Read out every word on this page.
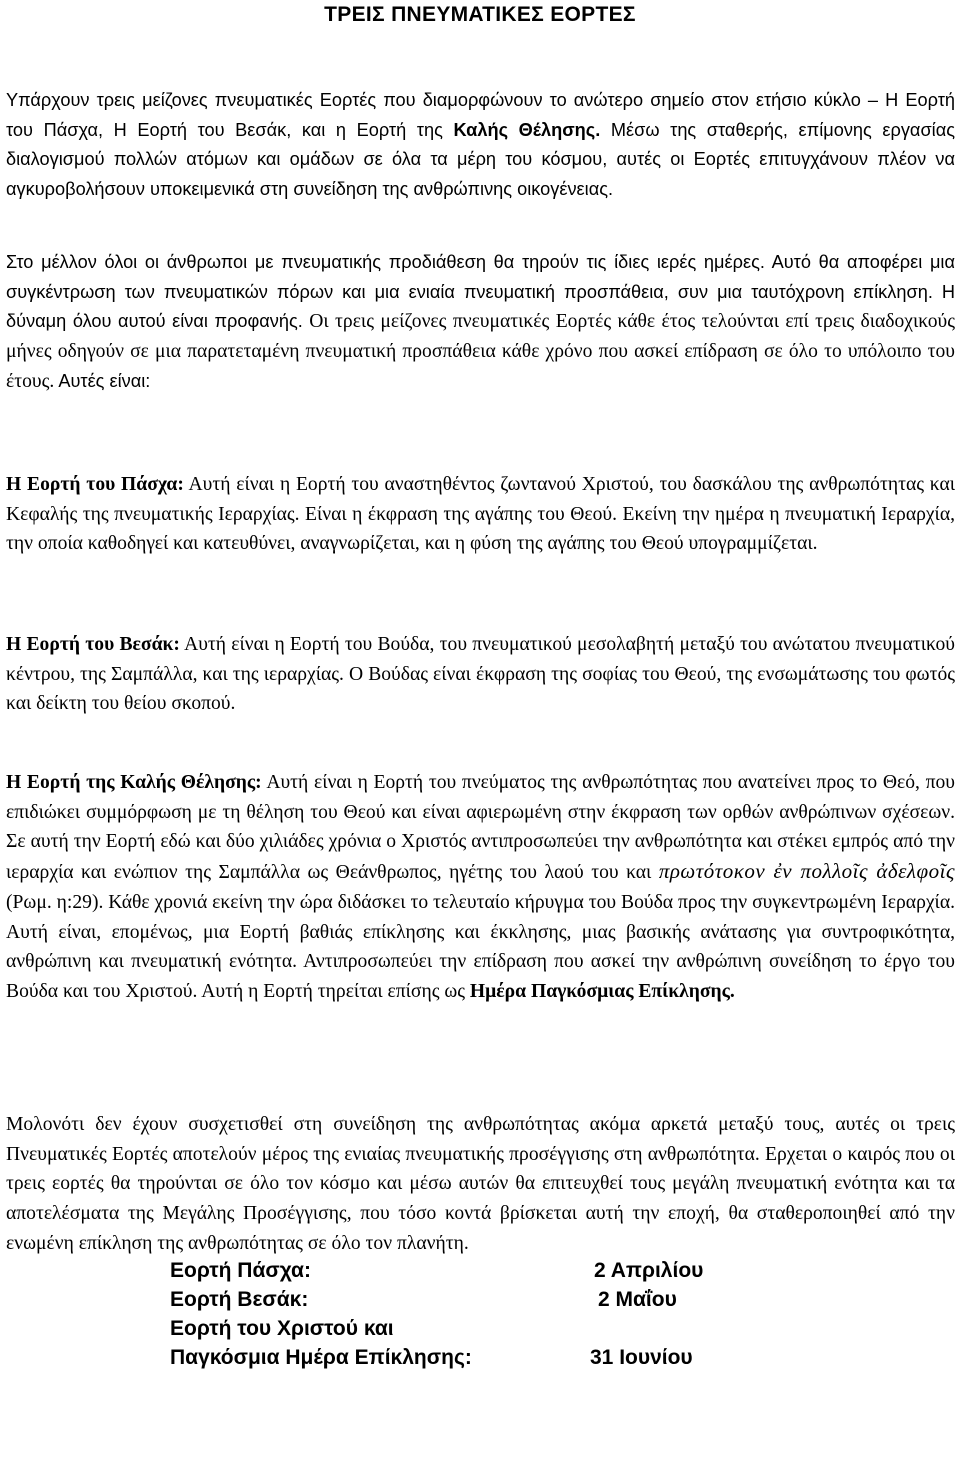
ΤΡΕΙΣ ΠΝΕΥΜΑΤΙΚΕΣ ΕΟΡΤΕΣ

Υπάρχουν τρεις μείζονες πνευματικές Εορτές που διαμορφώνουν το ανώτερο σημείο στον ετήσιο κύκλο – Η Εορτή του Πάσχα, Η Εορτή του Βεσάκ, και η Εορτή της Καλής Θέλησης. Μέσω της σταθερής, επίμονης εργασίας διαλογισμού πολλών ατόμων και ομάδων σε όλα τα μέρη του κόσμου, αυτές οι Εορτές επιτυγχάνουν πλέον να αγκυροβολήσουν υποκειμενικά στη συνείδηση της ανθρώπινης οικογένειας.

Στο μέλλον όλοι οι άνθρωποι με πνευματικής προδιάθεση θα τηρούν τις ίδιες ιερές ημέρες. Αυτό θα αποφέρει μια συγκέντρωση των πνευματικών πόρων και μια ενιαία πνευματική προσπάθεια, συν μια ταυτόχρονη επίκληση. Η δύναμη όλου αυτού είναι προφανής. Οι τρεις μείζονες πνευματικές Εορτές κάθε έτος τελούνται επί τρεις διαδοχικούς μήνες οδηγούν σε μια παρατεταμένη πνευματική προσπάθεια κάθε χρόνο που ασκεί επίδραση σε όλο το υπόλοιπο του έτους. Αυτές είναι:

Η Εορτή του Πάσχα: Αυτή είναι η Εορτή του αναστηθέντος ζωντανού Χριστού, του δασκάλου της ανθρωπότητας και Κεφαλής της πνευματικής Ιεραρχίας. Είναι η έκφραση της αγάπης του Θεού. Εκείνη την ημέρα η πνευματική Ιεραρχία, την οποία καθοδηγεί και κατευθύνει, αναγνωρίζεται, και η φύση της αγάπης του Θεού υπογραμμίζεται.

Η Εορτή του Βεσάκ: Αυτή είναι η Εορτή του Βούδα, του πνευματικού μεσολαβητή μεταξύ του ανώτατου πνευματικού κέντρου, της Σαμπάλλα, και της ιεραρχίας. Ο Βούδας είναι έκφραση της σοφίας του Θεού, της ενσωμάτωσης του φωτός και δείκτη του θείου σκοπού.

Η Εορτή της Καλής Θέλησης: Αυτή είναι η Εορτή του πνεύματος της ανθρωπότητας που ανατείνει προς το Θεό, που επιδιώκει συμμόρφωση με τη θέληση του Θεού και είναι αφιερωμένη στην έκφραση των ορθών ανθρώπινων σχέσεων. Σε αυτή την Εορτή εδώ και δύο χιλιάδες χρόνια ο Χριστός αντιπροσωπεύει την ανθρωπότητα και στέκει εμπρός από την ιεραρχία και ενώπιον της Σαμπάλλα ως Θεάνθρωπος, ηγέτης του λαού του και πρωτότοκον ἐν πολλοῖς ἀδελφοῖς (Ρωμ. η:29). Κάθε χρονιά εκείνη την ώρα διδάσκει το τελευταίο κήρυγμα του Βούδα προς την συγκεντρωμένη Ιεραρχία. Αυτή είναι, επομένως, μια Εορτή βαθιάς επίκλησης και έκκλησης, μιας βασικής ανάτασης για συντροφικότητα, ανθρώπινη και πνευματική ενότητα. Αντιπροσωπεύει την επίδραση που ασκεί την ανθρώπινη συνείδηση το έργο του Βούδα και του Χριστού. Αυτή η Εορτή τηρείται επίσης ως Ημέρα Παγκόσμιας Επίκλησης.

Μολονότι δεν έχουν συσχετισθεί στη συνείδηση της ανθρωπότητας ακόμα αρκετά μεταξύ τους, αυτές οι τρεις Πνευματικές Εορτές αποτελούν μέρος της ενιαίας πνευματικής προσέγγισης στη ανθρωπότητα. Ερχεται ο καιρός που οι τρεις εορτές θα τηρούνται σε όλο τον κόσμο και μέσω αυτών θα επιτευχθεί τους μεγάλη πνευματική ενότητα και τα αποτελέσματα της Μεγάλης Προσέγγισης, που τόσο κοντά βρίσκεται αυτή την εποχή, θα σταθεροποιηθεί από την ενωμένη επίκληση της ανθρωπότητας σε όλο τον πλανήτη.

Εορτή Πάσχα:	2 Απριλίου
Εορτή Βεσάκ:	2 Μαΐου
Εορτή του Χριστού και
Παγκόσμια Ημέρα Επίκλησης:	31 Ιουνίου
